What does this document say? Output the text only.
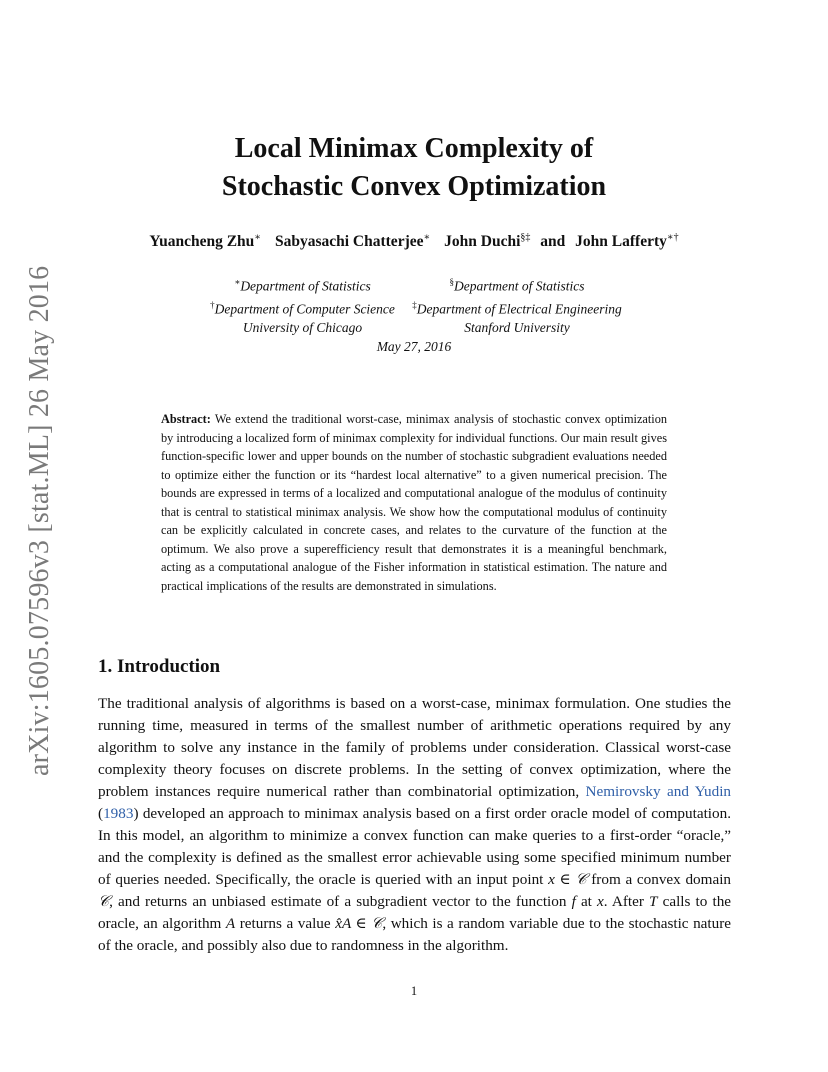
arXiv:1605.07596v3 [stat.ML] 26 May 2016
Local Minimax Complexity of
Stochastic Convex Optimization
Yuancheng Zhu∗ Sabyasachi Chatterjee∗ John Duchi§‡ and John Lafferty∗†
∗Department of Statistics
†Department of Computer Science
University of Chicago
§Department of Statistics
‡Department of Electrical Engineering
Stanford University
May 27, 2016
Abstract: We extend the traditional worst-case, minimax analysis of stochastic convex optimization by introducing a localized form of minimax complexity for individual functions. Our main result gives function-specific lower and upper bounds on the number of stochastic subgradient evaluations needed to optimize either the function or its “hardest local alternative” to a given numerical precision. The bounds are expressed in terms of a localized and computational analogue of the modulus of continuity that is central to statistical minimax analysis. We show how the computational modulus of continuity can be explicitly calculated in concrete cases, and relates to the curvature of the function at the optimum. We also prove a superefficiency result that demonstrates it is a meaningful benchmark, acting as a computational analogue of the Fisher information in statistical estimation. The nature and practical implications of the results are demonstrated in simulations.
1. Introduction
The traditional analysis of algorithms is based on a worst-case, minimax formulation. One studies the running time, measured in terms of the smallest number of arithmetic operations required by any algorithm to solve any instance in the family of problems under consideration. Classical worst-case complexity theory focuses on discrete problems. In the setting of convex optimization, where the problem instances require numerical rather than combinatorial optimization, Nemirovsky and Yudin (1983) developed an approach to minimax analysis based on a first order oracle model of computation. In this model, an algorithm to minimize a convex function can make queries to a first-order “oracle,” and the complexity is defined as the smallest error achievable using some specified minimum number of queries needed. Specifically, the oracle is queried with an input point x ∈ 𝒞 from a convex domain 𝒞, and returns an unbiased estimate of a subgradient vector to the function f at x. After T calls to the oracle, an algorithm A returns a value x̂A ∈ 𝒞, which is a random variable due to the stochastic nature of the oracle, and possibly also due to randomness in the algorithm.
1
